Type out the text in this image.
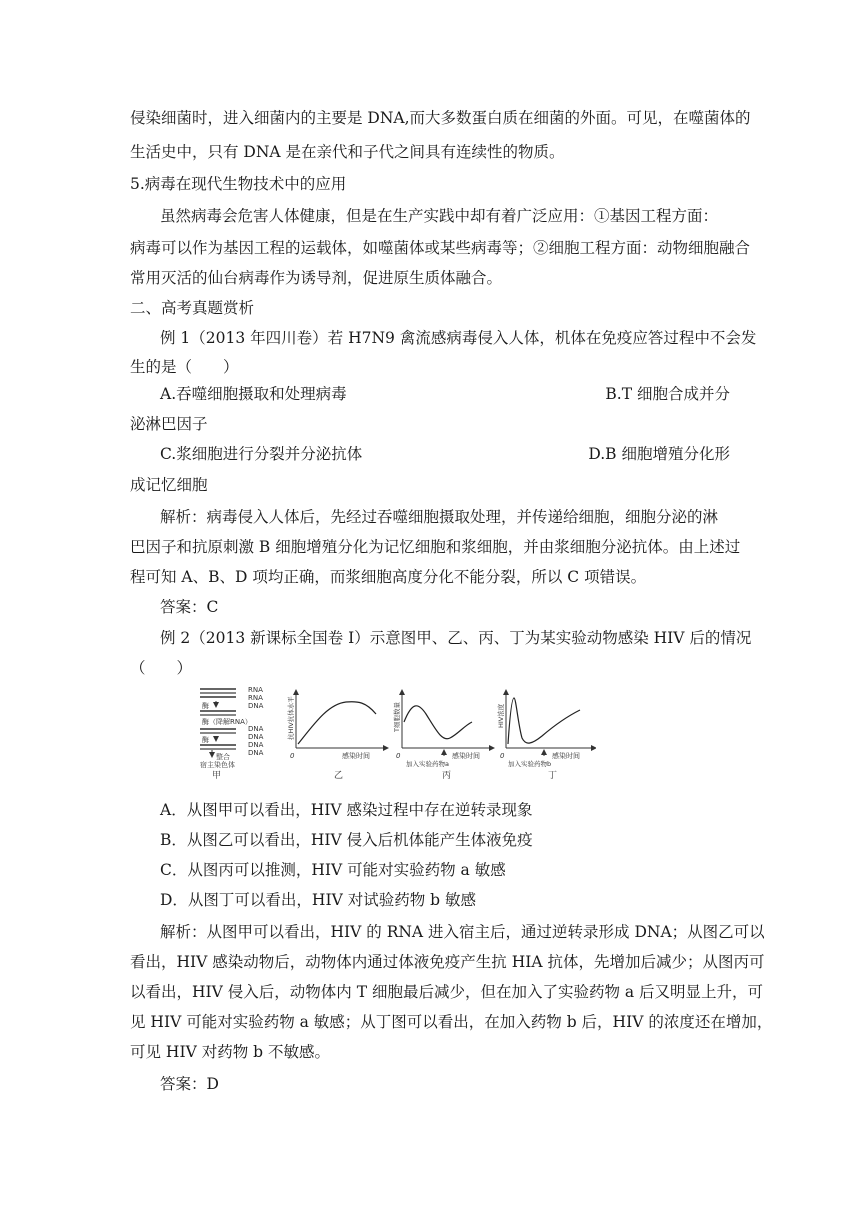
侵染细菌时，进入细菌内的主要是 DNA,而大多数蛋白质在细菌的外面。可见，在噬菌体的
生活史中，只有 DNA 是在亲代和子代之间具有连续性的物质。
5.病毒在现代生物技术中的应用
虽然病毒会危害人体健康，但是在生产实践中却有着广泛应用：①基因工程方面：
病毒可以作为基因工程的运载体，如噬菌体或某些病毒等；②细胞工程方面：动物细胞融合
常用灭活的仙台病毒作为诱导剂，促进原生质体融合。
二、高考真题赏析
例 1（2013 年四川卷）若 H7N9 禽流感病毒侵入人体，机体在免疫应答过程中不会发
生的是（　　）
A.吞噬细胞摄取和处理病毒	B.T 细胞合成并分
泌淋巴因子
C.浆细胞进行分裂并分泌抗体	D.B 细胞增殖分化形
成记忆细胞
解析：病毒侵入人体后，先经过吞噬细胞摄取处理，并传递给细胞，细胞分泌的淋
巴因子和抗原刺激 B 细胞增殖分化为记忆细胞和浆细胞，并由浆细胞分泌抗体。由上述过
程可知 A、B、D 项均正确，而浆细胞高度分化不能分裂，所以 C 项错误。
答案：C
例 2（2013 新课标全国卷 I）示意图甲、乙、丙、丁为某实验动物感染 HIV 后的情况
（　　）
RNA
RNA
DNA
酶
酶（降解RNA）
DNA
酶	DNA
DNA
DNA
整合
宿主染色体
甲
抗HIV抗体水平
感染时间
0
乙
T细胞数量
感染时间
加入实验药物a
0
丙
HIV浓度
感染时间
加入实验药物b
0
丁
A．从图甲可以看出，HIV 感染过程中存在逆转录现象
B．从图乙可以看出，HIV 侵入后机体能产生体液免疫
C．从图丙可以推测，HIV 可能对实验药物 a 敏感
D．从图丁可以看出，HIV 对试验药物 b 敏感
解析：从图甲可以看出，HIV 的 RNA 进入宿主后，通过逆转录形成 DNA；从图乙可以
看出，HIV 感染动物后，动物体内通过体液免疫产生抗 HIA 抗体，先增加后减少；从图丙可
以看出，HIV 侵入后，动物体内 T 细胞最后减少，但在加入了实验药物 a 后又明显上升，可
见 HIV 可能对实验药物 a 敏感；从丁图可以看出，在加入药物 b 后，HIV 的浓度还在增加，
可见 HIV 对药物 b 不敏感。
答案：D
